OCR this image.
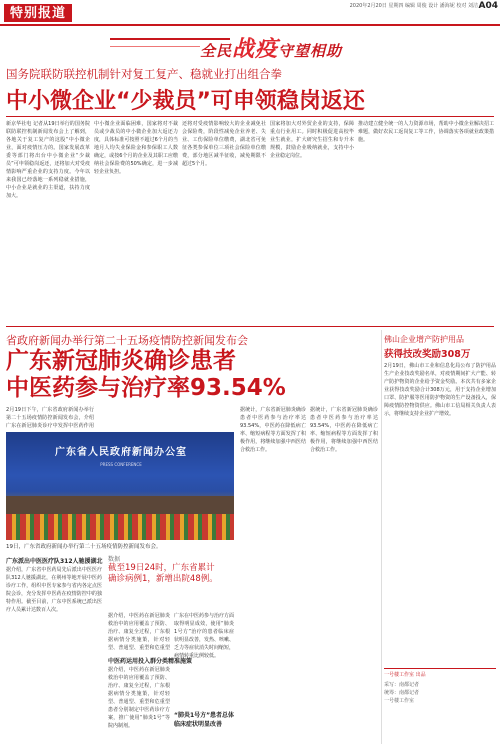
特别报道	2020年2月20日 星期四 编辑 周俊 设计 潘海妮 校对 刘洁 A04
全民战疫守望相助
国务院联防联控机制针对复工复产、稳就业打出组合拳
中小微企业“少裁员”可申领稳岗返还
新京华社电 记者从19日举行的国务院联防联控机制新闻发布会上了解到，各地关于复工复产的这股“中小微企业，面对疫情压力的。国家发展改革委等部门将出台中小微企业“少裁员”可申领稳岗返还，还将加大对受疫情影响严重企业的支持力度。今年以来我国已经落地一系列稳就业措施，中小企业是就业的主渠道，扶持力度加大。
中小微企业面临困难，国家将对不裁员或少裁员的中小微企业加大返还力度，具体标准可按照不超过6个月的当地月人均失业保险金和参保职工人数确定，或按6个月的企业及其职工应缴纳社会保险费的50%确定，进一步减轻企业负担。
还将对受疫情影响较大的企业减免社会保险费，阶段性减免企业养老、失业、工伤保险单位缴费，湖北省可免征各类参保单位三项社会保险单位缴费，部分地区减半征收，减免期限不超过5个月。
国家将加大对外贸企业的支持，保障重点行业用工。同时积极促进高校毕业生就业，扩大研究生招生和专升本规模，鼓励企业吸纳就业，支持中小企业稳定岗位。
推动建立健全统一的人力资源市场，帮助中小微企业解决招工难题，做好农民工返岗复工等工作，协调落实各项就业政策措施。
省政府新闻办举行第二十五场疫情防控新闻发布会
广东新冠肺炎确诊患者
中医药参与治疗率93.54%
2月19日下午，广东省政府新闻办举行第二十五场疫情防控新闻发布会，介绍广东在新冠肺炎诊疗中发挥中医药作用
广东省人民政府新闻办公室
PRESS CONFERENCE
19日，广东省政府新闻办举行第二十五场疫情防控新闻发布会。
广东派出中医医疗队312人驰援湖北
据介绍，广东省中医药局先后派出中医医疗队312人驰援湖北，在荆州等地开展中医药诊疗工作，组织中医专家参与省内各定点医院会诊，充分发挥中医药在疫情防控中的独特作用。截至目前，广东中医系统已派出医疗人员累计达数百人次。
数据
截至19日24时，广东省累计确诊病例1，新增出院48例。
据介绍，中医药在新冠肺炎救治中的应用覆盖了预防、治疗、康复全过程，广东根据病情分类施策，针对轻型、普通型、重型和危重型
中医药运用投入群分类精准施策
据介绍，中医药在新冠肺炎救治中的应用覆盖了预防、治疗、康复全过程，广东根据病情分类施策，针对轻型、普通型、重型和危重型患者分别制定中医药诊疗方案，推广使用“肺炎1号”等院内制剂。
广东在中医药参与治疗方面取得明显成效，使用“肺炎1号方”治疗的患者临床症状明显改善，发热、咳嗽、乏力等症状消失时间缩短，病情转重比例较低。
“肺炎1号方”患者总体临床症状明显改善
据统计，广东省新冠肺炎确诊患者中医药参与治疗率达93.54%，中医药在降低病亡率、缩短病程等方面发挥了积极作用，将继续加强中西医结合救治工作。
据统计，广东省新冠肺炎确诊患者中医药参与治疗率达93.54%，中医药在降低病亡率、缩短病程等方面发挥了积极作用，将继续加强中西医结合救治工作。
佛山企业增产防护用品
获得技改奖励308万
2月19日，佛山市工业和信息化局公布了防护用品生产企业技改奖励名单，对疫情期间扩大产能、转产防护物资的企业给予资金奖励。本次共有多家企业获得技改奖励合计308万元，用于支持企业增加口罩、防护服等医用防护物资的生产设备投入，保障疫情防控物资供应。佛山市工信局相关负责人表示，将继续支持企业扩产增效。
一号楼工作室 出品
采写：南都记者
统筹：南都记者
一号楼工作室
